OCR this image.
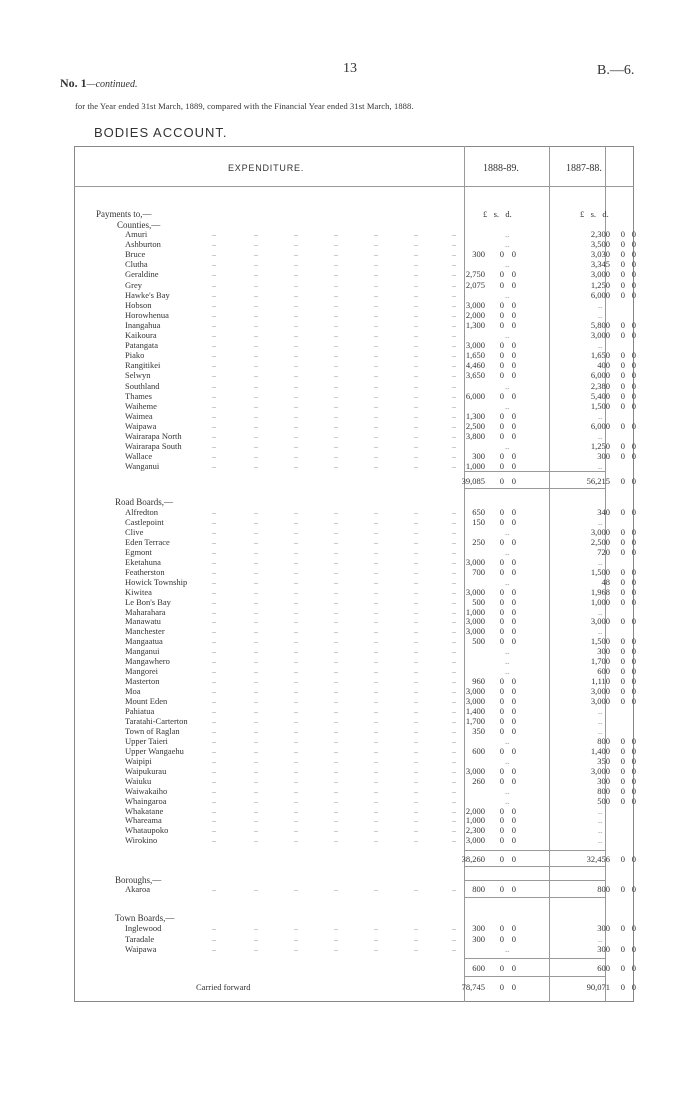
No. 1—continued.
13	B.—6.
for the Year ended 31st March, 1889, compared with the Financial Year ended 31st March, 1888.
BODIES ACCOUNT.
EXPENDITURE.	1888-89.	1887-88.
Payments to,—	£   s.   d.	£   s.   d.
Counties,—
Road Boards,—
Boroughs,—
Town Boards,—
Amuri	..	..	..	..	..	..	..	..	2,300	0 0
Ashburton	..	..	..	..	..	..	..	..	3,500	0 0
Bruce	..	..	..	..	..	..	.. 300	0 0	3,030	0 0
Clutha	..	..	..	..	..	..	..	..	3,345	0 0
Geraldine	..	..	..	..	..	..	.. 2,750	0 0	3,000	0 0
Grey	..	..	..	..	..	..	.. 2,075	0 0	1,250	0 0
Hawke's Bay	..	..	..	..	..	..	..	..	6,000	0 0
Hobson	..	..	..	..	..	..	.. 3,000	0 0	..
Horowhenua	..	..	..	..	..	..	.. 2,000	0 0	..
Inangahua	..	..	..	..	..	..	.. 1,300	0 0	5,800	0 0
Kaikoura	..	..	..	..	..	..	..	..	3,000	0 0
Patangata	..	..	..	..	..	..	.. 3,000	0 0	..
Piako	..	..	..	..	..	..	.. 1,650	0 0	1,650	0 0
Rangitikei	..	..	..	..	..	..	.. 4,460	0 0	400	0 0
Selwyn	..	..	..	..	..	..	.. 3,650	0 0	6,000	0 0
Southland	..	..	..	..	..	..	..	..	2,380	0 0
Thames	..	..	..	..	..	..	.. 6,000	0 0	5,400	0 0
Waiheme	..	..	..	..	..	..	..	..	1,500	0 0
Waimea	..	..	..	..	..	..	.. 1,300	0 0	..
Waipawa	..	..	..	..	..	..	.. 2,500	0 0	6,000	0 0
Wairarapa North	..	..	..	..	..	..	.. 3,800	0 0	..
Wairarapa South	..	..	..	..	..	..	..	..	1,250	0 0
Wallace	..	..	..	..	..	..	.. 300	0 0	300	0 0
Wanganui	..	..	..	..	..	..	.. 1,000	0 0	..
39,085	0 0	56,215	0 0
Alfredton	..	..	..	..	..	..	.. 650	0 0	340	0 0
Castlepoint	..	..	..	..	..	..	.. 150	0 0	..
Clive	..	..	..	..	..	..	..	..	3,000	0 0
Eden Terrace	..	..	..	..	..	..	.. 250	0 0	2,500	0 0
Egmont	..	..	..	..	..	..	..	..	720	0 0
Eketahuna	..	..	..	..	..	..	.. 3,000	0 0	..
Featherston	..	..	..	..	..	..	.. 700	0 0	1,500	0 0
Howick Township	..	..	..	..	..	..	..	..	48	0 0
Kiwitea	..	..	..	..	..	..	.. 3,000	0 0	1,968	0 0
Le Bon's Bay	..	..	..	..	..	..	.. 500	0 0	1,000	0 0
Maharahara	..	..	..	..	..	..	.. 1,000	0 0	..
Manawatu	..	..	..	..	..	..	.. 3,000	0 0	3,000	0 0
Manchester	..	..	..	..	..	..	.. 3,000	0 0	..
Mangaatua	..	..	..	..	..	..	.. 500	0 0	1,500	0 0
Manganui	..	..	..	..	..	..	..	..	300	0 0
Mangawhero	..	..	..	..	..	..	..	..	1,700	0 0
Mangorei	..	..	..	..	..	..	..	..	600	0 0
Masterton	..	..	..	..	..	..	.. 960	0 0	1,110	0 0
Moa	..	..	..	..	..	..	.. 3,000	0 0	3,000	0 0
Mount Eden	..	..	..	..	..	..	.. 3,000	0 0	3,000	0 0
Pahiatua	..	..	..	..	..	..	.. 1,400	0 0	..
Taratahi-Carterton	..	..	..	..	..	..	.. 1,700	0 0	..
Town of Raglan	..	..	..	..	..	..	.. 350	0 0	..
Upper Taieri	..	..	..	..	..	..	..	..	800	0 0
Upper Wangaehu	..	..	..	..	..	..	.. 600	0 0	1,400	0 0
Waipipi	..	..	..	..	..	..	..	..	350	0 0
Waipukurau	..	..	..	..	..	..	.. 3,000	0 0	3,000	0 0
Waiuku	..	..	..	..	..	..	.. 260	0 0	300	0 0
Waiwakaiho	..	..	..	..	..	..	..	..	800	0 0
Whaingaroa	..	..	..	..	..	..	..	..	500	0 0
Whakatane	..	..	..	..	..	..	.. 2,000	0 0	..
Whareama	..	..	..	..	..	..	.. 1,000	0 0	..
Whataupoko	..	..	..	..	..	..	.. 2,300	0 0	..
Wirokino	..	..	..	..	..	..	.. 3,000	0 0	..
38,260	0 0	32,456	0 0
Akaroa	..	..	..	..	..	..	.. 800	0 0	800	0 0
Inglewood	..	..	..	..	..	..	.. 300	0 0	300	0 0
Taradale	..	..	..	..	..	..	.. 300	0 0	..
Waipawa	..	..	..	..	..	..	..	..	300	0 0
600	0 0	600	0 0
Carried forward	78,745	0 0	90,071	0 0
